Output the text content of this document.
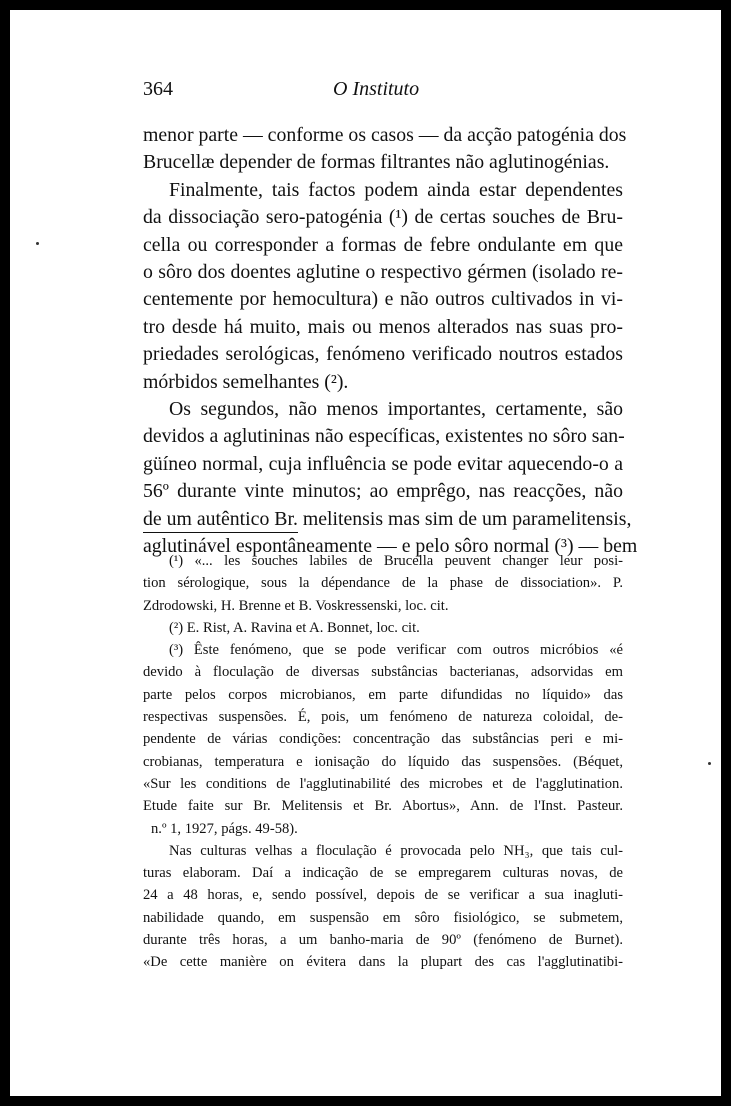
364	O Instituto

menor parte — conforme os casos — da acção patogénia dos
Brucellæ depender de formas filtrantes não aglutinogénias.

Finalmente, tais factos podem ainda estar dependentes
da dissociação sero-patogénia (¹) de certas souches de Bru-
cella ou corresponder a formas de febre ondulante em que
o sôro dos doentes aglutine o respectivo gérmen (isolado re-
centemente por hemocultura) e não outros cultivados in vi-
tro desde há muito, mais ou menos alterados nas suas pro-
priedades serológicas, fenómeno verificado noutros estados
mórbidos semelhantes (²).

Os segundos, não menos importantes, certamente, são
devidos a aglutininas não específicas, existentes no sôro san-
güíneo normal, cuja influência se pode evitar aquecendo-o a
56º durante vinte minutos; ao emprêgo, nas reacções, não
de um autêntico Br. melitensis mas sim de um paramelitensis,
aglutinável espontâneamente — e pelo sôro normal (³) — bem

(¹) «... les souches labiles de Brucella peuvent changer leur posi-
tion sérologique, sous la dépendance de la phase de dissociation». P.
Zdrodowski, H. Brenne et B. Voskressenski, loc. cit.
(²) E. Rist, A. Ravina et A. Bonnet, loc. cit.
(³) Êste fenómeno, que se pode verificar com outros micróbios «é
devido à floculação de diversas substâncias bacterianas, adsorvidas em
parte pelos corpos microbianos, em parte difundidas no líquido» das
respectivas suspensões. É, pois, um fenómeno de natureza coloidal, de-
pendente de várias condições: concentração das substâncias peri e mi-
crobianas, temperatura e ionisação do líquido das suspensões. (Béquet,
«Sur les conditions de l'agglutinabilité des microbes et de l'agglutination.
Etude faite sur Br. Melitensis et Br. Abortus», Ann. de l'Inst. Pasteur.
n.º 1, 1927, págs. 49-58).
Nas culturas velhas a floculação é provocada pelo NH₃, que tais cul-
turas elaboram. Daí a indicação de se empregarem culturas novas, de
24 a 48 horas, e, sendo possível, depois de se verificar a sua inagluti-
nabilidade quando, em suspensão em sôro fisiológico, se submetem,
durante três horas, a um banho-maria de 90º (fenómeno de Burnet).
«De cette manière on évitera dans la plupart des cas l'agglutinatibi-
